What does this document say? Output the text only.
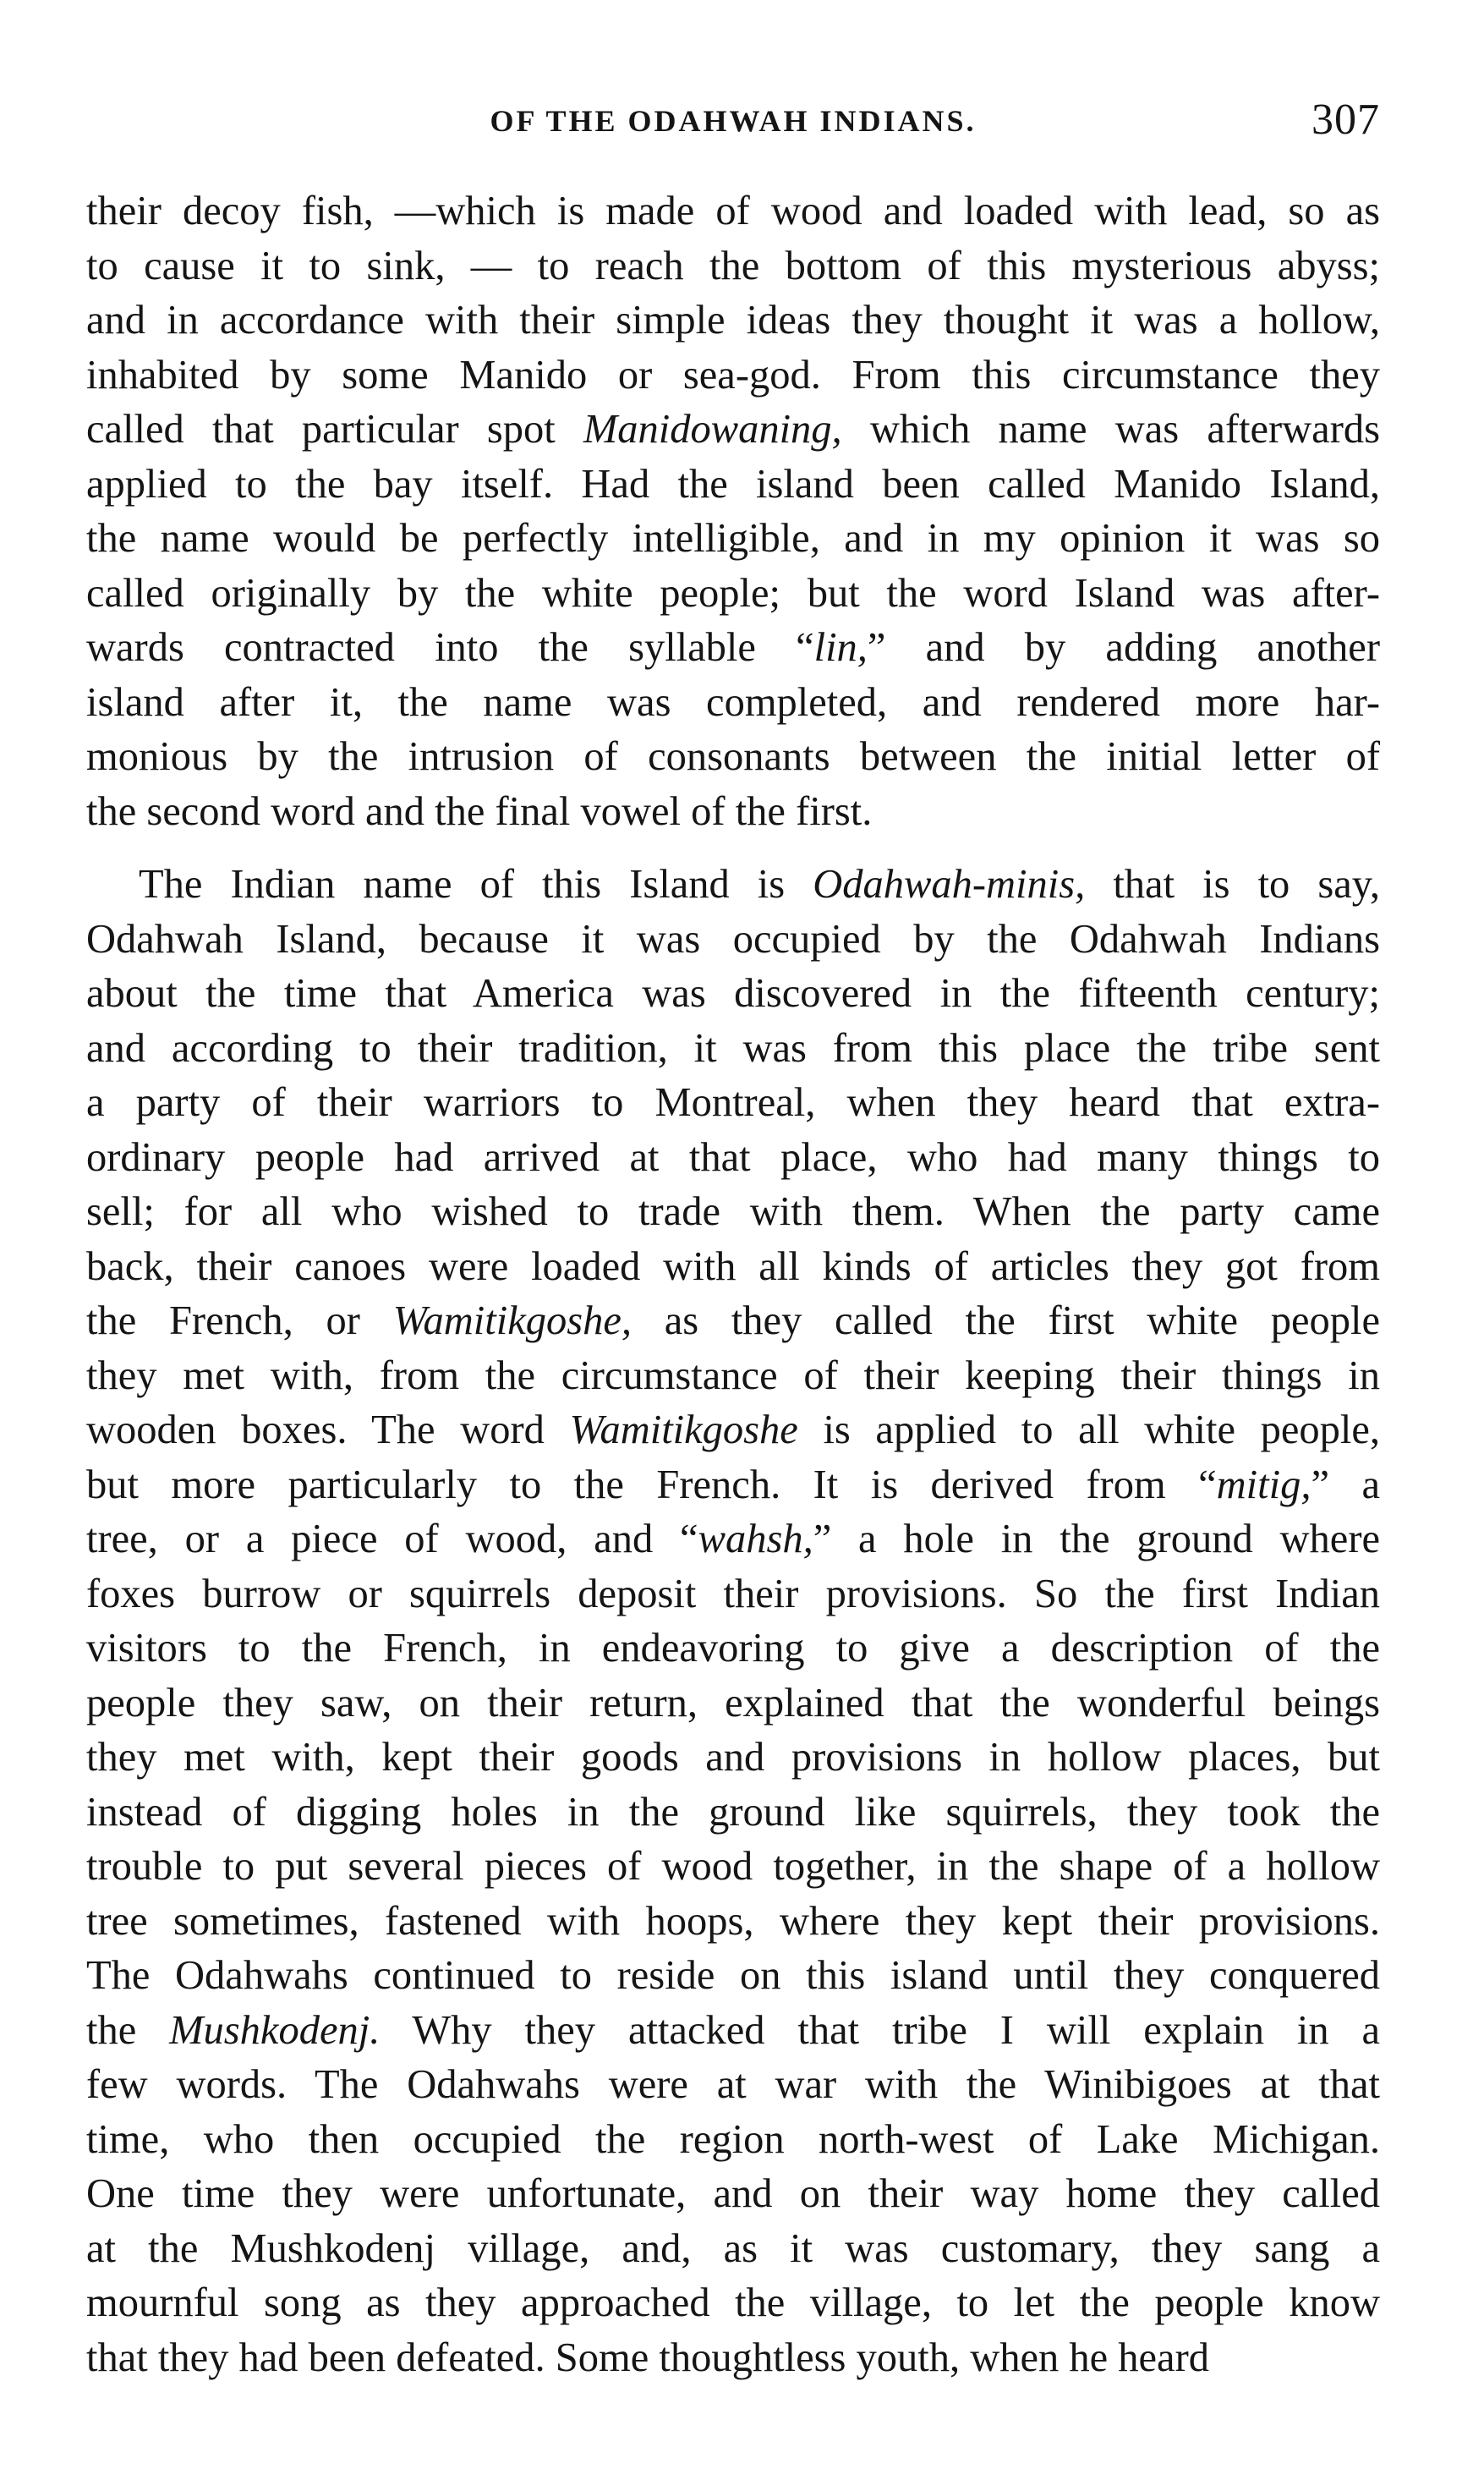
OF THE ODAHWAH INDIANS.	307
their decoy fish, —which is made of wood and loaded with lead, so as
to cause it to sink, — to reach the bottom of this mysterious abyss;
and in accordance with their simple ideas they thought it was a hollow,
inhabited by some Manido or sea-god. From this circumstance they
called that particular spot Manidowaning, which name was afterwards
applied to the bay itself. Had the island been called Manido Island,
the name would be perfectly intelligible, and in my opinion it was so
called originally by the white people; but the word Island was after-
wards contracted into the syllable “lin,” and by adding another
island after it, the name was completed, and rendered more har-
monious by the intrusion of consonants between the initial letter of
the second word and the final vowel of the first.
The Indian name of this Island is Odahwah-minis, that is to say,
Odahwah Island, because it was occupied by the Odahwah Indians
about the time that America was discovered in the fifteenth century;
and according to their tradition, it was from this place the tribe sent
a party of their warriors to Montreal, when they heard that extra-
ordinary people had arrived at that place, who had many things to
sell; for all who wished to trade with them. When the party came
back, their canoes were loaded with all kinds of articles they got from
the French, or Wamitikgoshe, as they called the first white people
they met with, from the circumstance of their keeping their things in
wooden boxes. The word Wamitikgoshe is applied to all white people,
but more particularly to the French. It is derived from “mitig,” a
tree, or a piece of wood, and “wahsh,” a hole in the ground where
foxes burrow or squirrels deposit their provisions. So the first Indian
visitors to the French, in endeavoring to give a description of the
people they saw, on their return, explained that the wonderful beings
they met with, kept their goods and provisions in hollow places, but
instead of digging holes in the ground like squirrels, they took the
trouble to put several pieces of wood together, in the shape of a hollow
tree sometimes, fastened with hoops, where they kept their provisions.
The Odahwahs continued to reside on this island until they conquered
the Mushkodenj. Why they attacked that tribe I will explain in a
few words. The Odahwahs were at war with the Winibigoes at that
time, who then occupied the region north-west of Lake Michigan.
One time they were unfortunate, and on their way home they called
at the Mushkodenj village, and, as it was customary, they sang a
mournful song as they approached the village, to let the people know
that they had been defeated. Some thoughtless youth, when he heard
